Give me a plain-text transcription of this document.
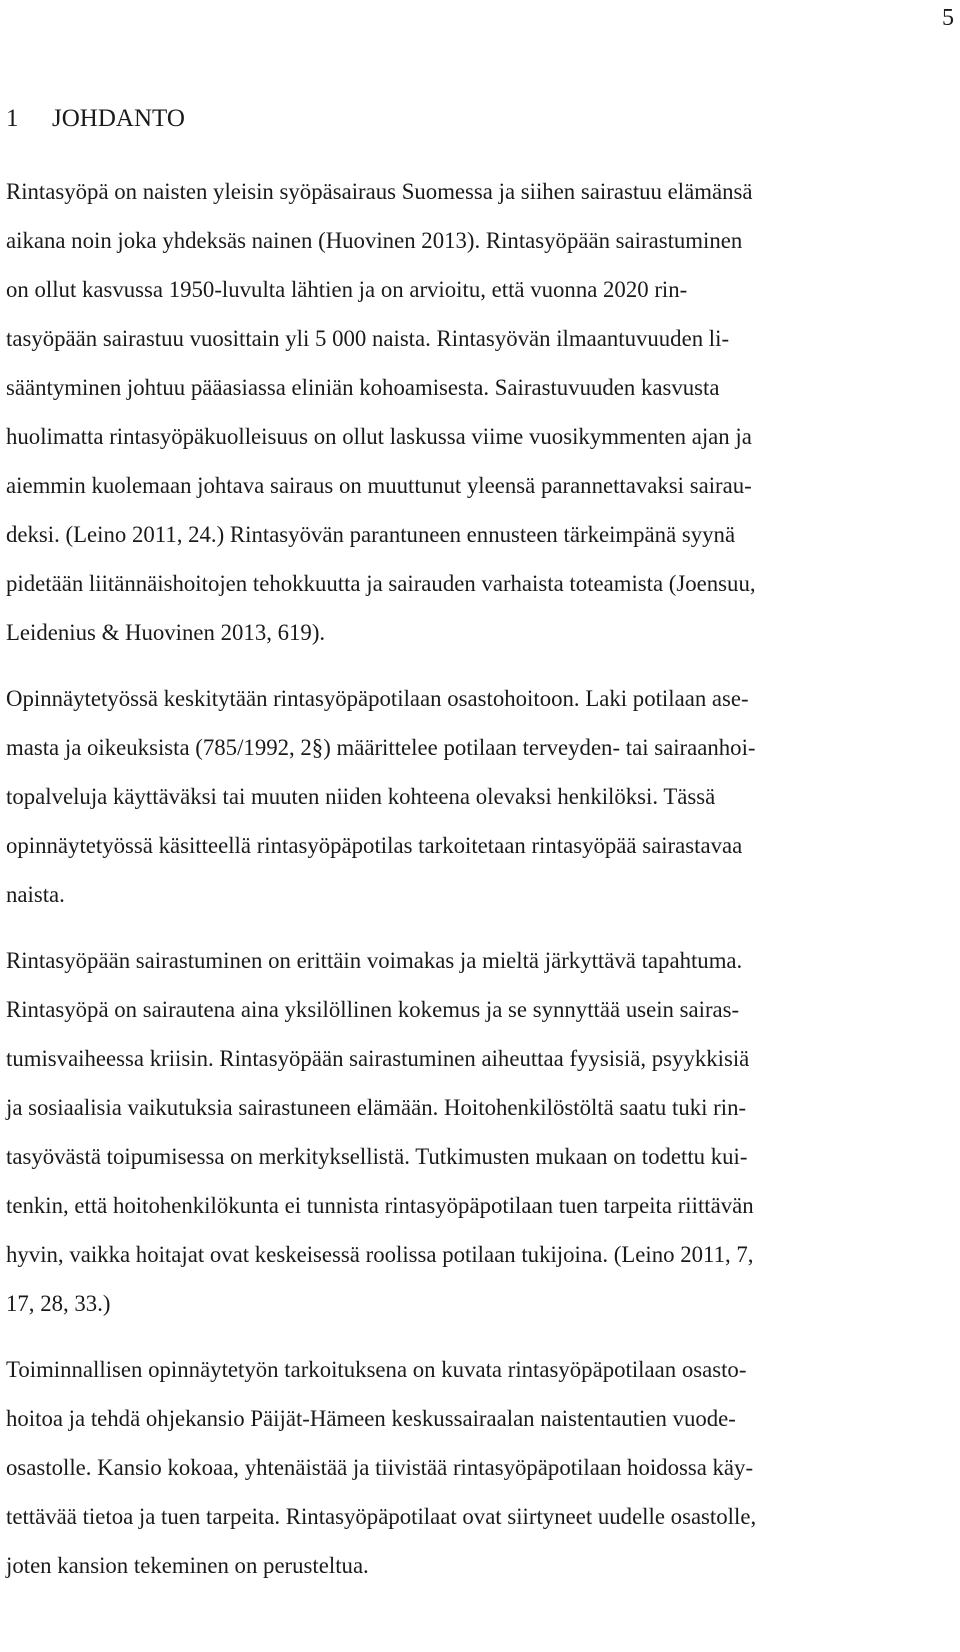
5
1 JOHDANTO
Rintasyöpä on naisten yleisin syöpäsairaus Suomessa ja siihen sairastuu elämänsä
aikana noin joka yhdeksäs nainen (Huovinen 2013). Rintasyöpään sairastuminen
on ollut kasvussa 1950-luvulta lähtien ja on arvioitu, että vuonna 2020 rin-
tasyöpään sairastuu vuosittain yli 5 000 naista. Rintasyövän ilmaantuvuuden li-
sääntyminen johtuu pääasiassa eliniän kohoamisesta. Sairastuvuuden kasvusta
huolimatta rintasyöpäkuolleisuus on ollut laskussa viime vuosikymmenten ajan ja
aiemmin kuolemaan johtava sairaus on muuttunut yleensä parannettavaksi sairau-
deksi. (Leino 2011, 24.) Rintasyövän parantuneen ennusteen tärkeimpänä syynä
pidetään liitännäishoitojen tehokkuutta ja sairauden varhaista toteamista (Joensuu,
Leidenius & Huovinen 2013, 619).
Opinnäytetyössä keskitytään rintasyöpäpotilaan osastohoitoon. Laki potilaan ase-
masta ja oikeuksista (785/1992, 2§) määrittelee potilaan terveyden- tai sairaanhoi-
topalveluja käyttäväksi tai muuten niiden kohteena olevaksi henkilöksi. Tässä
opinnäytetyössä käsitteellä rintasyöpäpotilas tarkoitetaan rintasyöpää sairastavaa
naista.
Rintasyöpään sairastuminen on erittäin voimakas ja mieltä järkyttävä tapahtuma.
Rintasyöpä on sairautena aina yksilöllinen kokemus ja se synnyttää usein sairas-
tumisvaiheessa kriisin. Rintasyöpään sairastuminen aiheuttaa fyysisiä, psyykkisiä
ja sosiaalisia vaikutuksia sairastuneen elämään. Hoitohenkilöstöltä saatu tuki rin-
tasyövästä toipumisessa on merkityksellistä. Tutkimusten mukaan on todettu kui-
tenkin, että hoitohenkilökunta ei tunnista rintasyöpäpotilaan tuen tarpeita riittävän
hyvin, vaikka hoitajat ovat keskeisessä roolissa potilaan tukijoina. (Leino 2011, 7,
17, 28, 33.)
Toiminnallisen opinnäytetyön tarkoituksena on kuvata rintasyöpäpotilaan osasto-
hoitoa ja tehdä ohjekansio Päijät-Hämeen keskussairaalan naistentautien vuode-
osastolle. Kansio kokoaa, yhtenäistää ja tiivistää rintasyöpäpotilaan hoidossa käy-
tettävää tietoa ja tuen tarpeita. Rintasyöpäpotilaat ovat siirtyneet uudelle osastolle,
joten kansion tekeminen on perusteltua.
